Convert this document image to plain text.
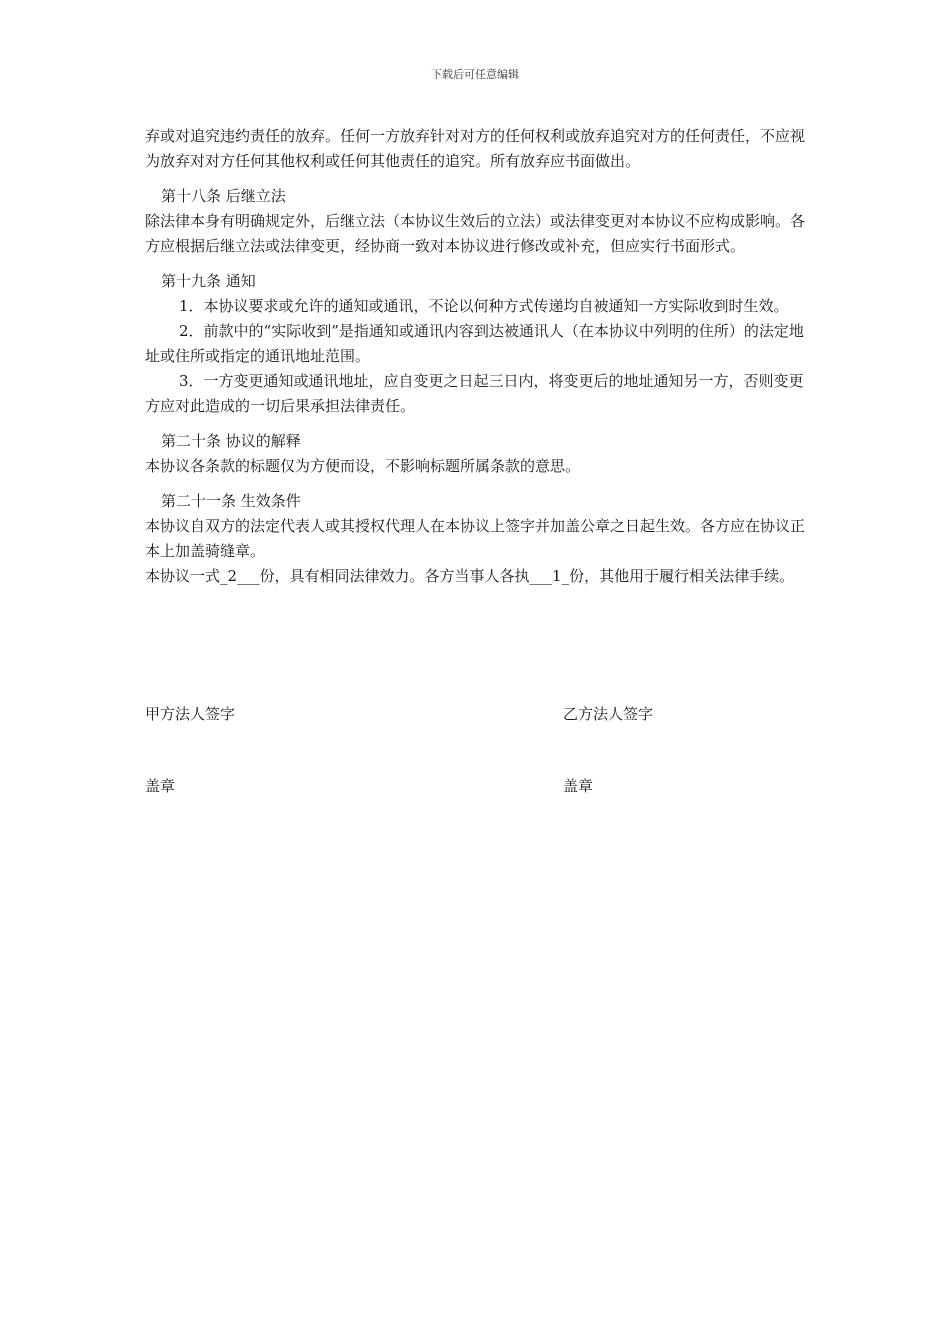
下载后可任意编辑

弃或对追究违约责任的放弃。任何一方放弃针对对方的任何权利或放弃追究对方的任何责任，不应视为放弃对对方任何其他权利或任何其他责任的追究。所有放弃应书面做出。

第十八条 后继立法

除法律本身有明确规定外，后继立法（本协议生效后的立法）或法律变更对本协议不应构成影响。各方应根据后继立法或法律变更，经协商一致对本协议进行修改或补充，但应实行书面形式。

第十九条 通知

1．本协议要求或允许的通知或通讯，不论以何种方式传递均自被通知一方实际收到时生效。

2．前款中的“实际收到”是指通知或通讯内容到达被通讯人（在本协议中列明的住所）的法定地址或住所或指定的通讯地址范围。

3．一方变更通知或通讯地址，应自变更之日起三日内，将变更后的地址通知另一方，否则变更方应对此造成的一切后果承担法律责任。

第二十条 协议的解释

本协议各条款的标题仅为方便而设，不影响标题所属条款的意思。

第二十一条 生效条件

本协议自双方的法定代表人或其授权代理人在本协议上签字并加盖公章之日起生效。各方应在协议正本上加盖骑缝章。

本协议一式_2___份，具有相同法律效力。各方当事人各执___1_份，其他用于履行相关法律手续。

甲方法人签字	乙方法人签字
盖章	盖章
